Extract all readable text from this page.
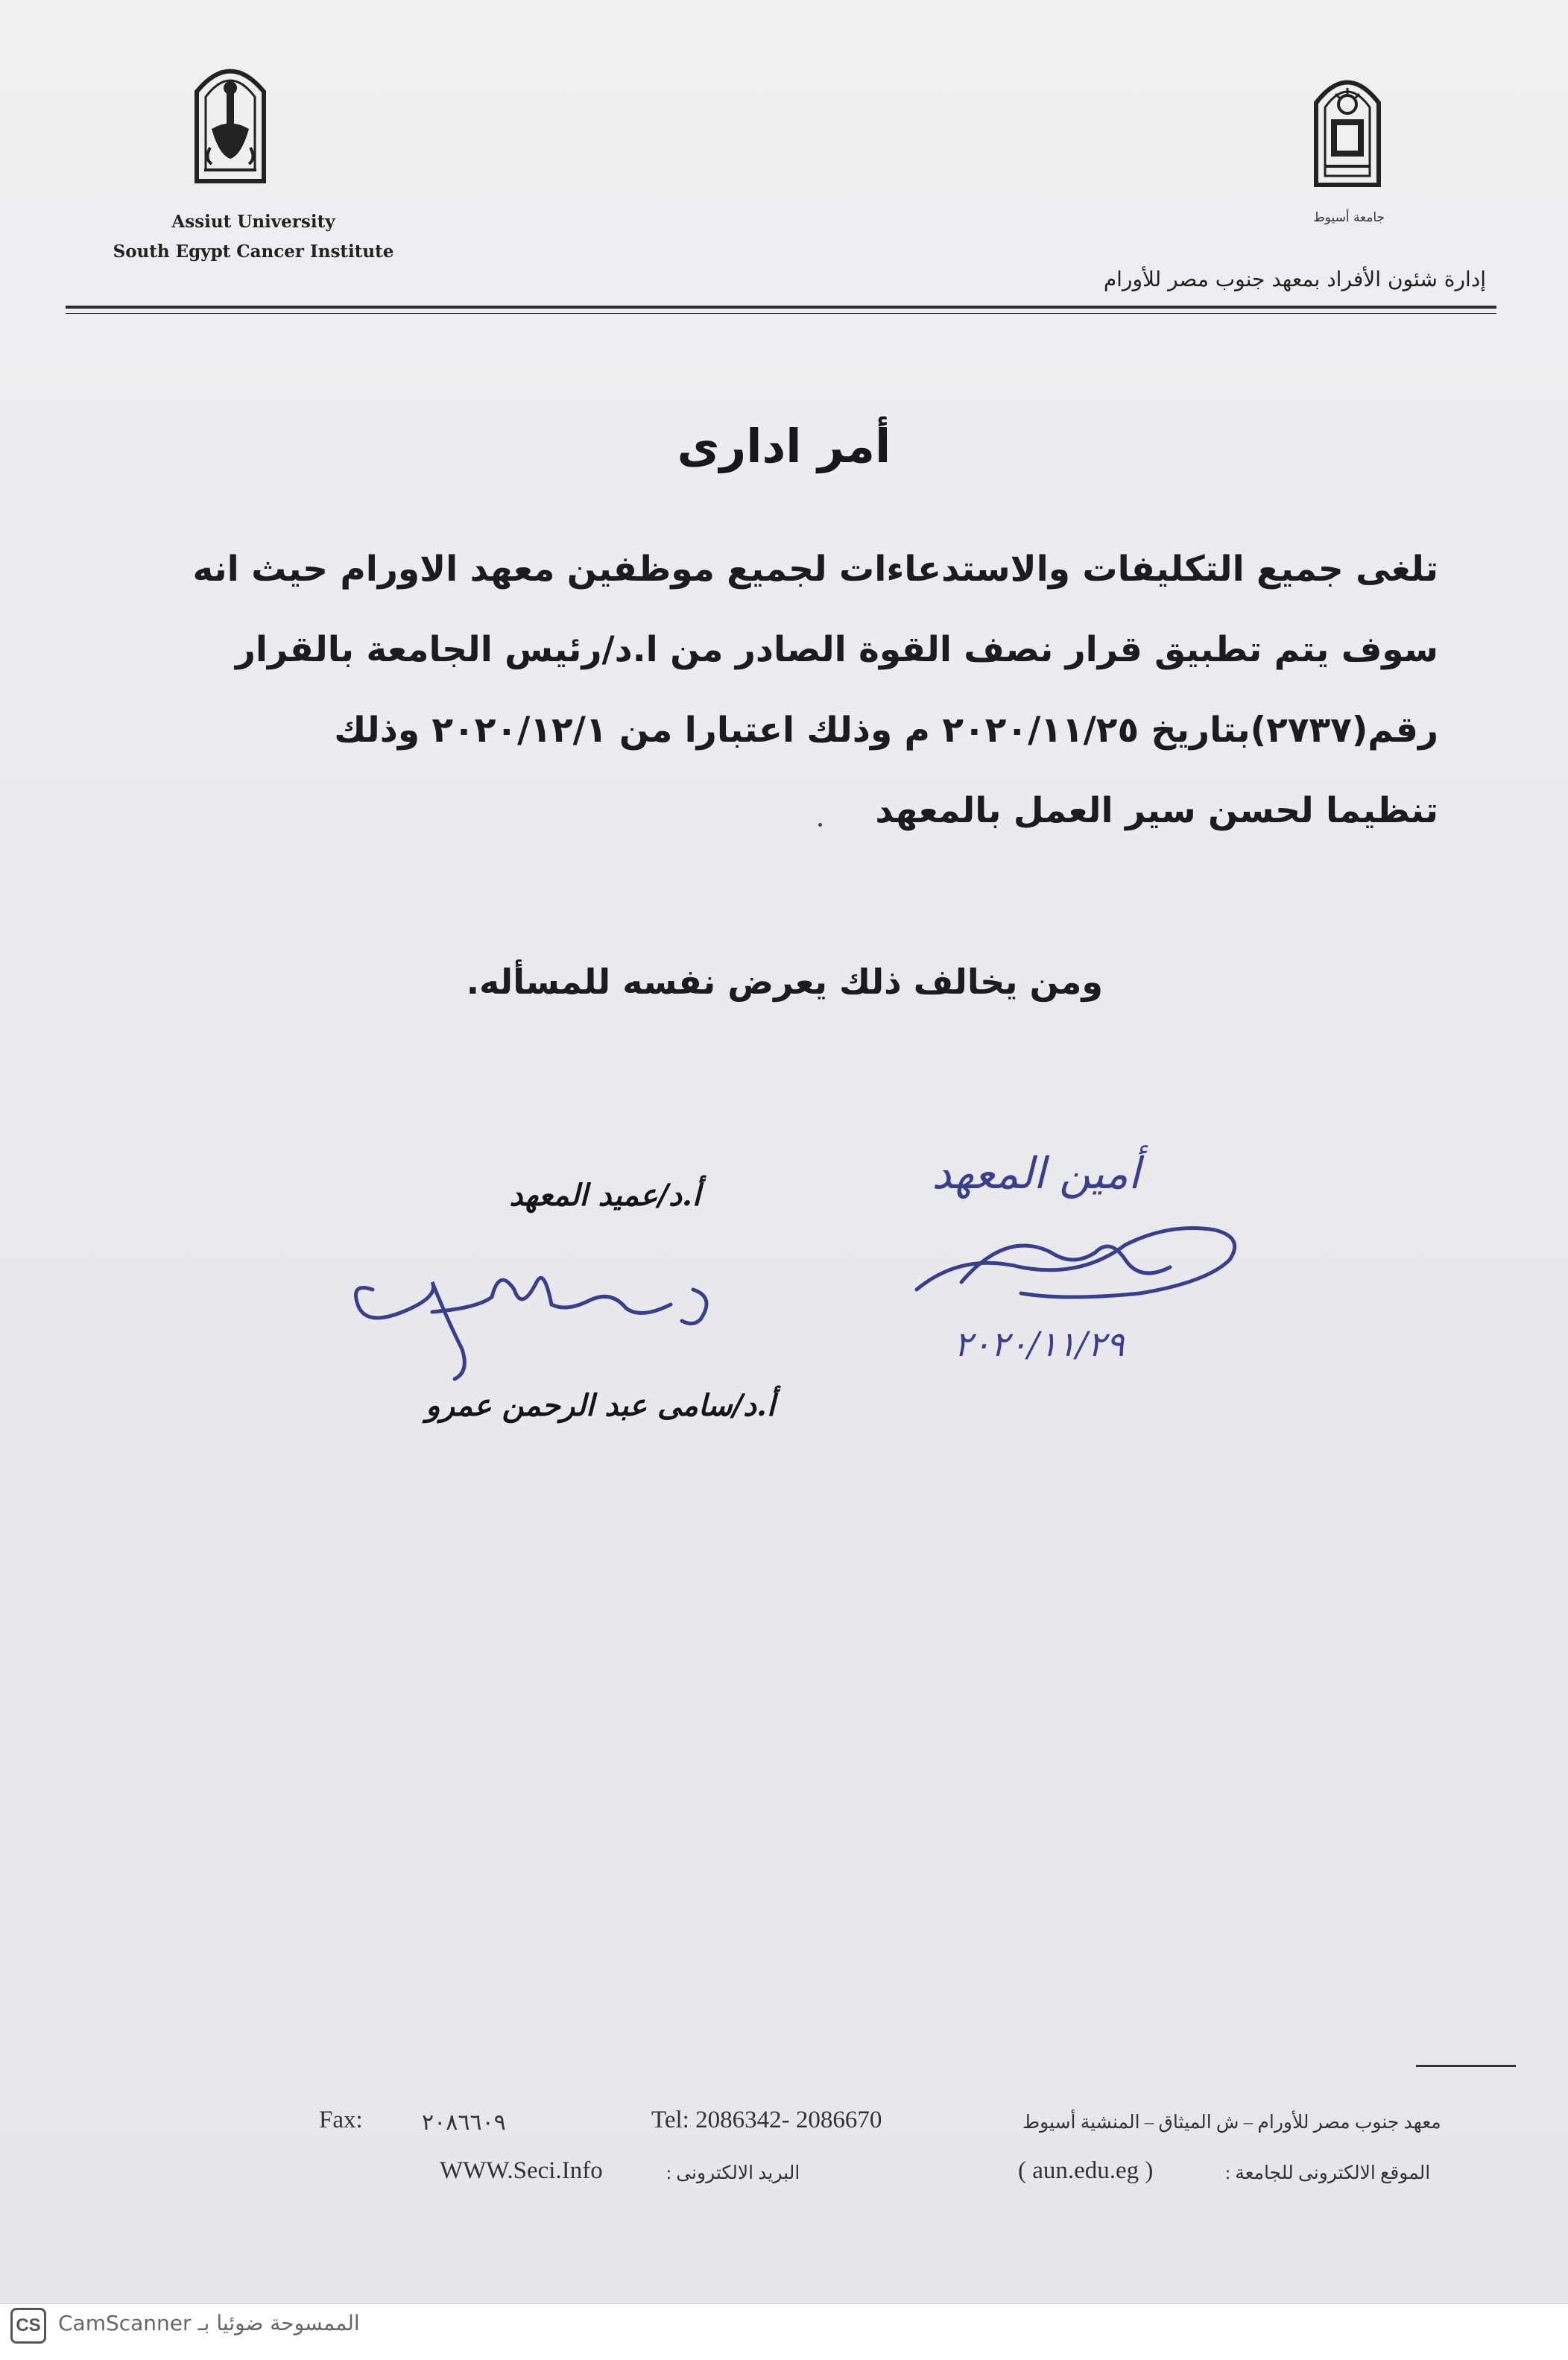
Assiut University
South Egypt Cancer Institute
جامعة أسيوط
إدارة شئون الأفراد بمعهد جنوب مصر للأورام
أمر ادارى
تلغى جميع التكليفات والاستدعاءات لجميع موظفين معهد الاورام حيث انه
سوف يتم تطبيق قرار نصف القوة الصادر من ا.د/رئيس الجامعة بالقرار
رقم(٢٧٣٧)بتاريخ ٢٠٢٠/١١/٢٥ م وذلك اعتبارا من ٢٠٢٠/١٢/١ وذلك
تنظيما لحسن سير العمل بالمعهد
ومن يخالف ذلك يعرض نفسه للمسأله.
أ.د/عميد المعهد
أ.د/سامى عبد الرحمن عمرو
أمين المعهد
٢٠٢٠/١١/٢٩
Fax:	٢٠٨٦٦٠٩	Tel: 2086342- 2086670	معهد جنوب مصر للأورام – ش الميثاق – المنشية أسيوط
WWW.Seci.Info	البريد الالكترونى :	( aun.edu.eg )	الموقع الالكترونى للجامعة :
CS CamScanner الممسوحة ضوئيا بـ
